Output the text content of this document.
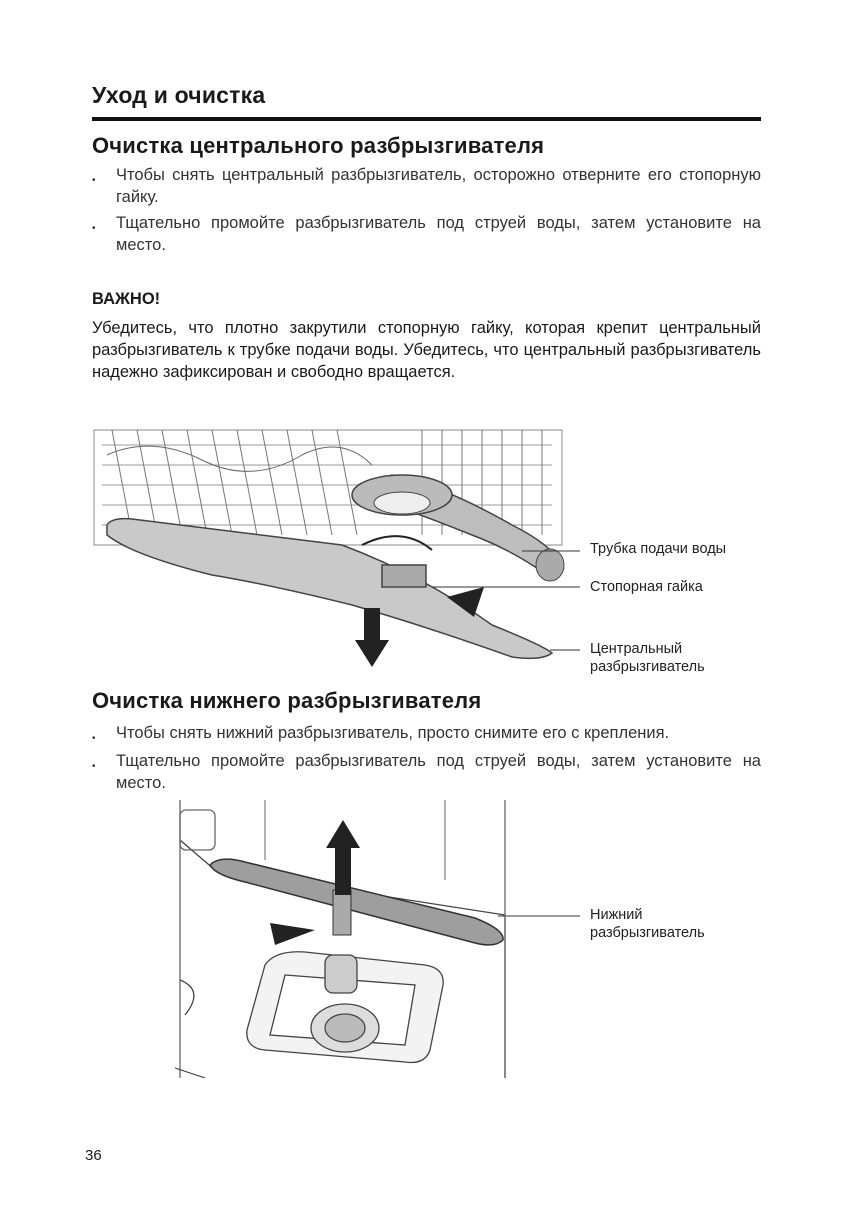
Уход и очистка
Очистка центрального разбрызгивателя
• Чтобы снять центральный разбрызгиватель, осторожно отверните его стопорную гайку.
• Тщательно промойте разбрызгиватель под струей воды, затем установите на место.
ВАЖНО!
Убедитесь, что плотно закрутили стопорную гайку, которая крепит центральный разбрызгиватель к трубке подачи воды. Убедитесь, что центральный разбрызгиватель надежно зафиксирован и свободно вращается.
Трубка подачи воды
Стопорная гайка
Центральный разбрызгиватель
Очистка нижнего разбрызгивателя
• Чтобы снять нижний разбрызгиватель, просто снимите его с крепления.
• Тщательно промойте разбрызгиватель под струей воды, затем установите на место.
Нижний разбрызгиватель
36
